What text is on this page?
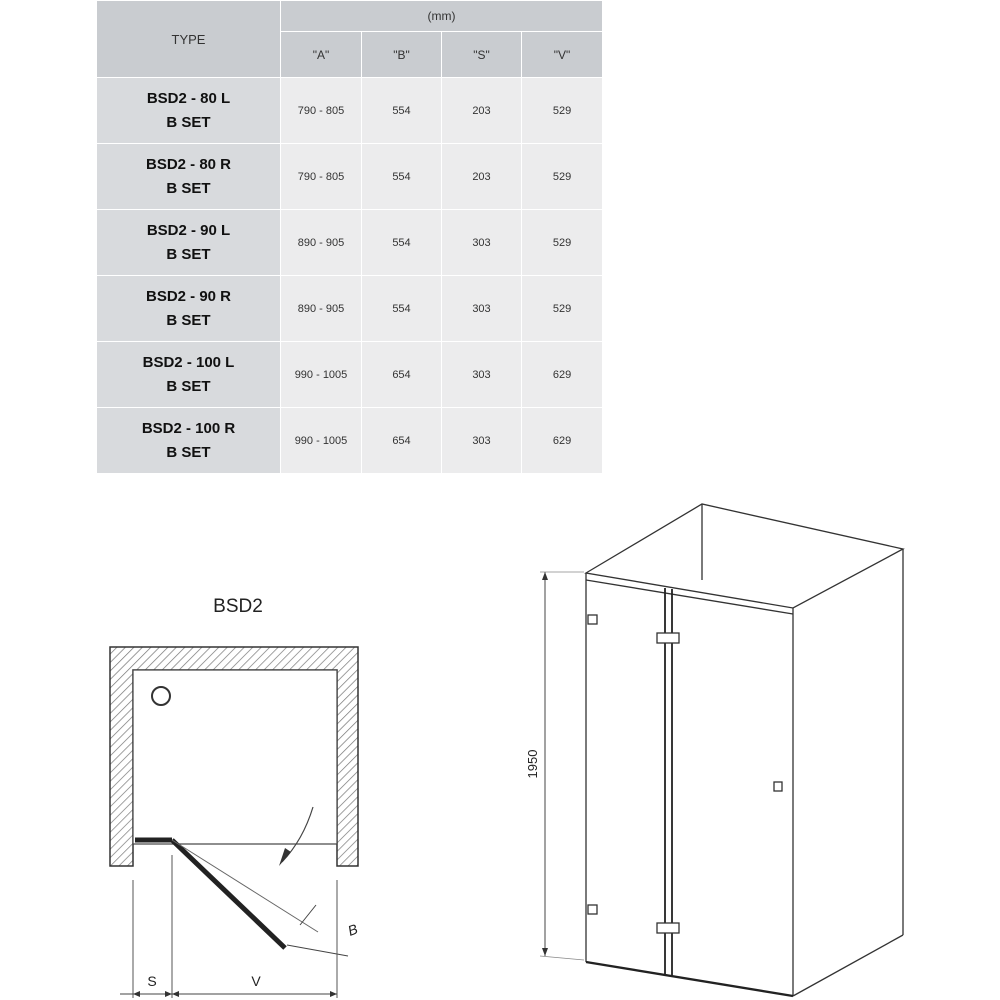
TYPE	(mm)			
	"A"	"B"	"S"	"V"
BSD2 - 80 L
B SET	790 - 805	554	203	529
BSD2 - 80 R
B SET	790 - 805	554	203	529
BSD2 - 90 L
B SET	890 - 905	554	303	529
BSD2 - 90 R
B SET	890 - 905	554	303	529
BSD2 - 100 L
B SET	990 - 1005	654	303	629
BSD2 - 100 R
B SET	990 - 1005	654	303	629
BSD2
B
S	V
1950
